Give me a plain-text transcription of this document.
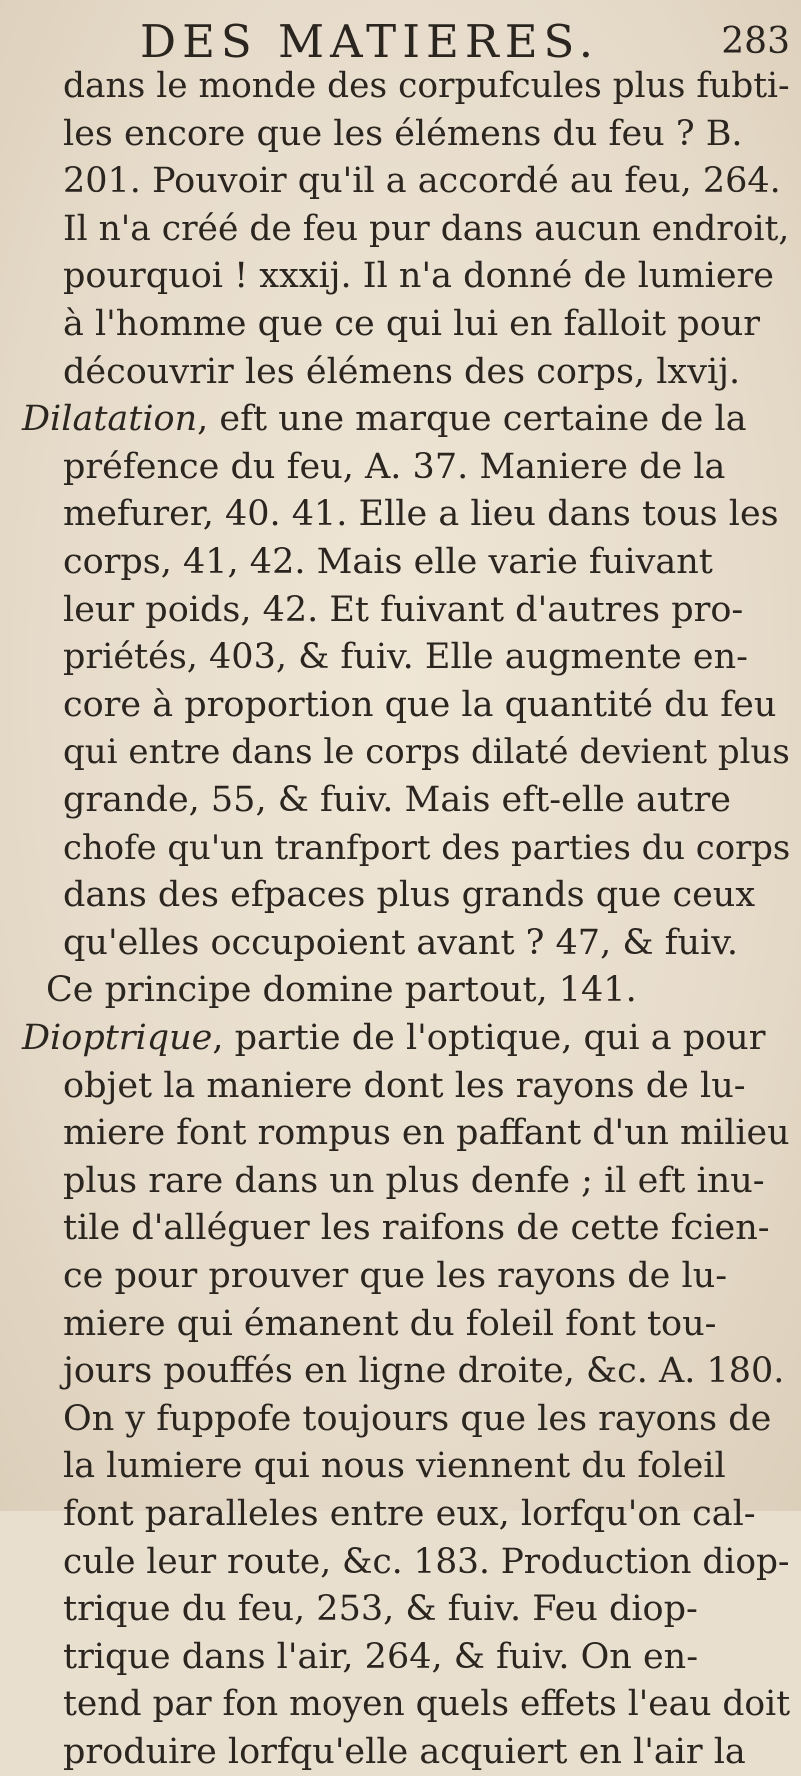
DES MATIERES.	283
dans le monde des corpufcules plus fubti-
les encore que les élémens du feu ? B.
201. Pouvoir qu'il a accordé au feu, 264.
Il n'a créé de feu pur dans aucun endroit,
pourquoi ! xxxij. Il n'a donné de lumiere
à l'homme que ce qui lui en falloit pour
découvrir les élémens des corps, lxvij.
Dilatation, eft une marque certaine de la
préfence du feu, A. 37. Maniere de la
mefurer, 40. 41. Elle a lieu dans tous les
corps, 41, 42. Mais elle varie fuivant
leur poids, 42. Et fuivant d'autres pro-
priétés, 403, & fuiv. Elle augmente en-
core à proportion que la quantité du feu
qui entre dans le corps dilaté devient plus
grande, 55, & fuiv. Mais eft-elle autre
chofe qu'un tranfport des parties du corps
dans des efpaces plus grands que ceux
qu'elles occupoient avant ? 47, & fuiv.
Ce principe domine partout, 141.
Dioptrique, partie de l'optique, qui a pour
objet la maniere dont les rayons de lu-
miere font rompus en paffant d'un milieu
plus rare dans un plus denfe ; il eft inu-
tile d'alléguer les raifons de cette fcien-
ce pour prouver que les rayons de lu-
miere qui émanent du foleil font tou-
jours pouffés en ligne droite, &c. A. 180.
On y fuppofe toujours que les rayons de
la lumiere qui nous viennent du foleil
font paralleles entre eux, lorfqu'on cal-
cule leur route, &c. 183. Production diop-
trique du feu, 253, & fuiv. Feu diop-
trique dans l'air, 264, & fuiv. On en-
tend par fon moyen quels effets l'eau doit
produire lorfqu'elle acquiert en l'air la
